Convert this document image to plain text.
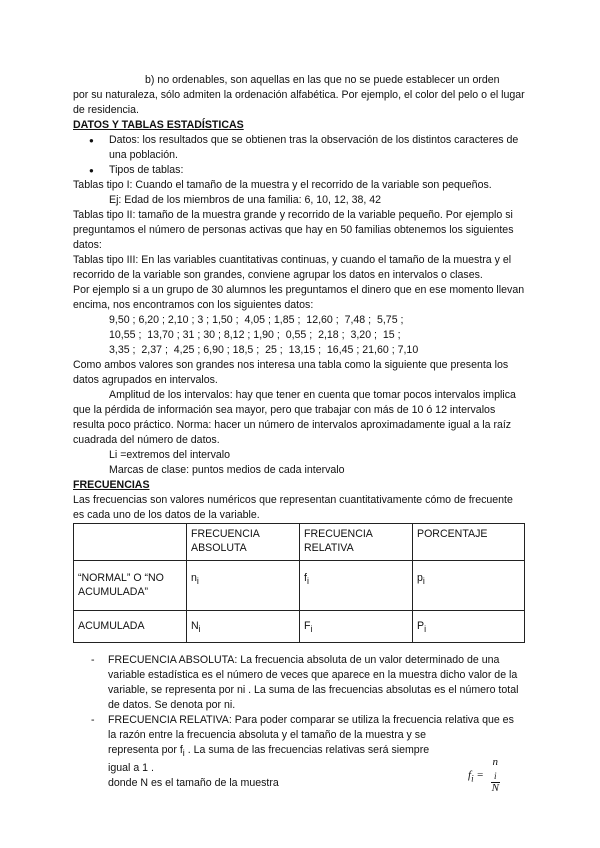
b) no ordenables, son aquellas en las que no se puede establecer un orden

por su naturaleza, sólo admiten la ordenación alfabética. Por ejemplo, el color del pelo o el lugar de residencia.

DATOS Y TABLAS ESTADÍSTICAS

● Datos: los resultados que se obtienen tras la observación de los distintos caracteres de una población.
● Tipos de tablas:

Tablas tipo I: Cuando el tamaño de la muestra y el recorrido de la variable son pequeños.

Ej: Edad de los miembros de una familia: 6, 10, 12, 38, 42

Tablas tipo II: tamaño de la muestra grande y recorrido de la variable pequeño. Por ejemplo si preguntamos el número de personas activas que hay en 50 familias obtenemos los siguientes datos:

Tablas tipo III: En las variables cuantitativas continuas, y cuando el tamaño de la muestra y el recorrido de la variable son grandes, conviene agrupar los datos en intervalos o clases.

Por ejemplo si a un grupo de 30 alumnos les preguntamos el dinero que en ese momento llevan encima, nos encontramos con los siguientes datos:

9,50 ; 6,20 ; 2,10 ; 3 ; 1,50 ;  4,05 ; 1,85 ;  12,60 ;  7,48 ;  5,75 ;

10,55 ;  13,70 ; 31 ; 30 ; 8,12 ; 1,90 ;  0,55 ;  2,18 ;  3,20 ;  15 ;

3,35 ;  2,37 ;  4,25 ; 6,90 ; 18,5 ;  25 ;  13,15 ;  16,45 ; 21,60 ; 7,10

Como ambos valores son grandes nos interesa una tabla como la siguiente que presenta los datos agrupados en intervalos.

Amplitud de los intervalos: hay que tener en cuenta que tomar pocos intervalos implica que la pérdida de información sea mayor, pero que trabajar con más de 10 ó 12 intervalos resulta poco práctico. Norma: hacer un número de intervalos aproximadamente igual a la raíz cuadrada del número de datos.

Li =extremos del intervalo

Marcas de clase: puntos medios de cada intervalo

FRECUENCIAS

Las frecuencias son valores numéricos que representan cuantitativamente cómo de frecuente es cada uno de los datos de la variable.

	FRECUENCIA ABSOLUTA	FRECUENCIA RELATIVA	PORCENTAJE
“NORMAL” O “NO ACUMULADA”	$n_i$	$f_i$	$p_i$
ACUMULADA	$N_i$	$F_i$	$P_i$
- FRECUENCIA ABSOLUTA: La frecuencia absoluta de un valor determinado de una variable estadística es el número de veces que aparece en la muestra dicho valor de la variable, se representa por ni . La suma de las frecuencias absolutas es el número total de datos. Se denota por ni.
- FRECUENCIA RELATIVA: Para poder comparar se utiliza la frecuencia relativa que es la razón entre la frecuencia absoluta y el tamaño de la muestra y se
representa por $f_i$ . La suma de las frecuencias relativas será siempre
igual a 1 .
donde N es el tamaño de la muestra
$f_i = n$
$_i$
N
